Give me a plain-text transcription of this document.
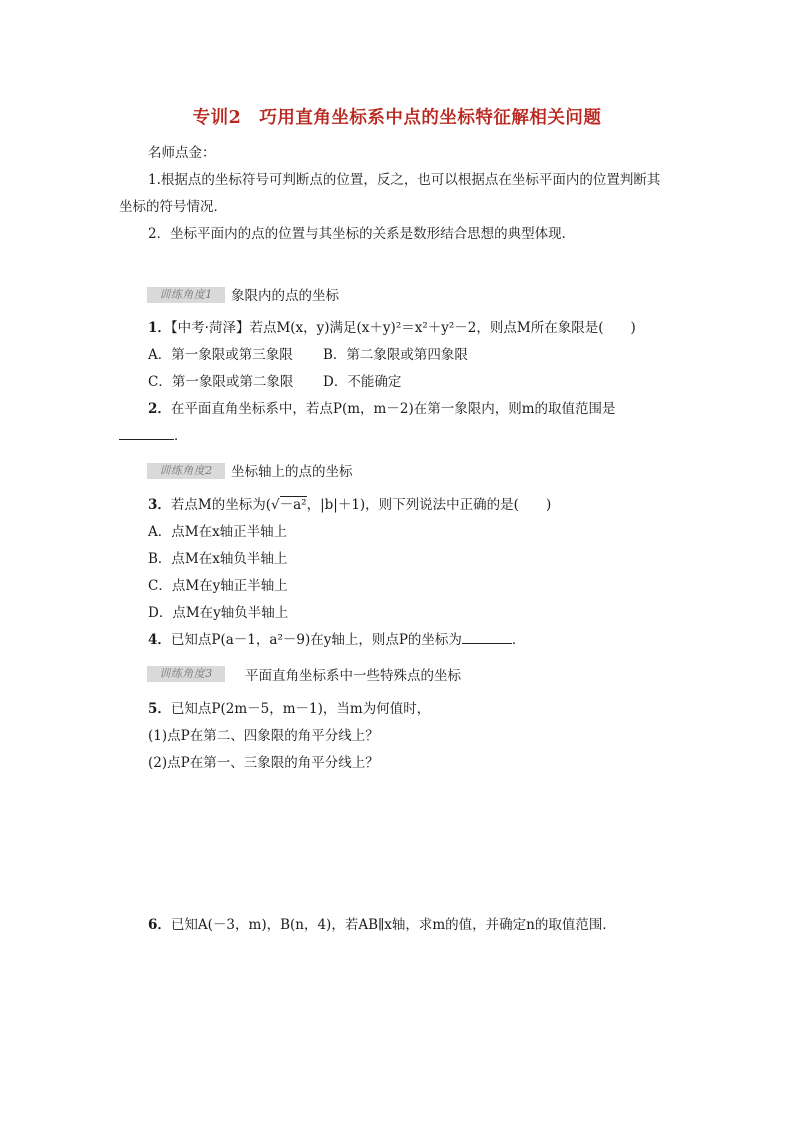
专训2　巧用直角坐标系中点的坐标特征解相关问题
名师点金：
1.根据点的坐标符号可判断点的位置，反之，也可以根据点在坐标平面内的位置判断其
坐标的符号情况．
2．坐标平面内的点的位置与其坐标的关系是数形结合思想的典型体现．
训练角度1	象限内的点的坐标
1．【中考·菏泽】若点M(x，y)满足(x＋y)²＝x²＋y²－2，则点M所在象限是(　　)
A．第一象限或第三象限 B．第二象限或第四象限
C．第一象限或第二象限 D．不能确定
2．在平面直角坐标系中，若点P(m，m－2)在第一象限内，则m的取值范围是
．
训练角度2	坐标轴上的点的坐标
3．若点M的坐标为(√－a²，|b|＋1)，则下列说法中正确的是(　　)
A．点M在x轴正半轴上
B．点M在x轴负半轴上
C．点M在y轴正半轴上
D．点M在y轴负半轴上
4．已知点P(a－1，a²－9)在y轴上，则点P的坐标为	．
训练角度3	平面直角坐标系中一些特殊点的坐标
5．已知点P(2m－5，m－1)，当m为何值时，
(1)点P在第二、四象限的角平分线上？
(2)点P在第一、三象限的角平分线上？
6．已知A(－3，m)，B(n，4)，若AB∥x轴，求m的值，并确定n的取值范围．
